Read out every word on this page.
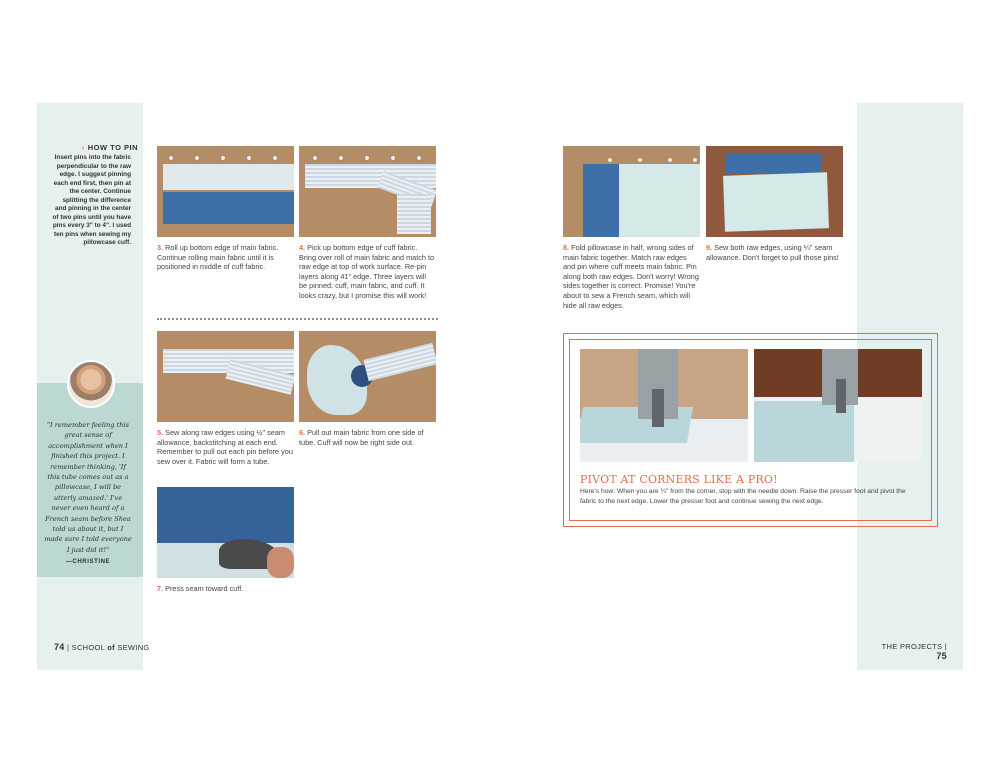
› HOW TO PIN
Insert pins into the fabric perpendicular to the raw edge. I suggest pinning each end first, then pin at the center. Continue splitting the difference and pinning in the center of two pins until you have pins every 3" to 4". I used ten pins when sewing my pillowcase cuff.
"I remember feeling this great sense of accomplishment when I finished this project. I remember thinking, 'If this tube comes out as a pillowcase, I will be utterly amazed.' I've never even heard of a French seam before Shea told us about it, but I made sure I told everyone I just did it!"
—CHRISTINE
3. Roll up bottom edge of main fabric. Continue rolling main fabric until it is positioned in middle of cuff fabric.
4. Pick up bottom edge of cuff fabric. Bring over roll of main fabric and match to raw edge at top of work surface. Re-pin layers along 41" edge. Three layers will be pinned: cuff, main fabric, and cuff. It looks crazy, but I promise this will work!
5. Sew along raw edges using ½" seam allowance, backstitching at each end. Remember to pull out each pin before you sew over it. Fabric will form a tube.
6. Pull out main fabric from one side of tube. Cuff will now be right side out.
7. Press seam toward cuff.
8. Fold pillowcase in half, wrong sides of main fabric together. Match raw edges and pin where cuff meets main fabric. Pin along both raw edges. Don't worry! Wrong sides together is correct. Promise! You're about to sew a French seam, which will hide all raw edges.
9. Sew both raw edges, using ¼" seam allowance. Don't forget to pull those pins!
PIVOT AT CORNERS LIKE A PRO!
Here's how: When you are ¼" from the corner, stop with the needle down. Raise the presser foot and pivot the fabric to the next edge. Lower the presser foot and continue sewing the next edge.
74 | SCHOOL of SEWING	THE PROJECTS | 75
